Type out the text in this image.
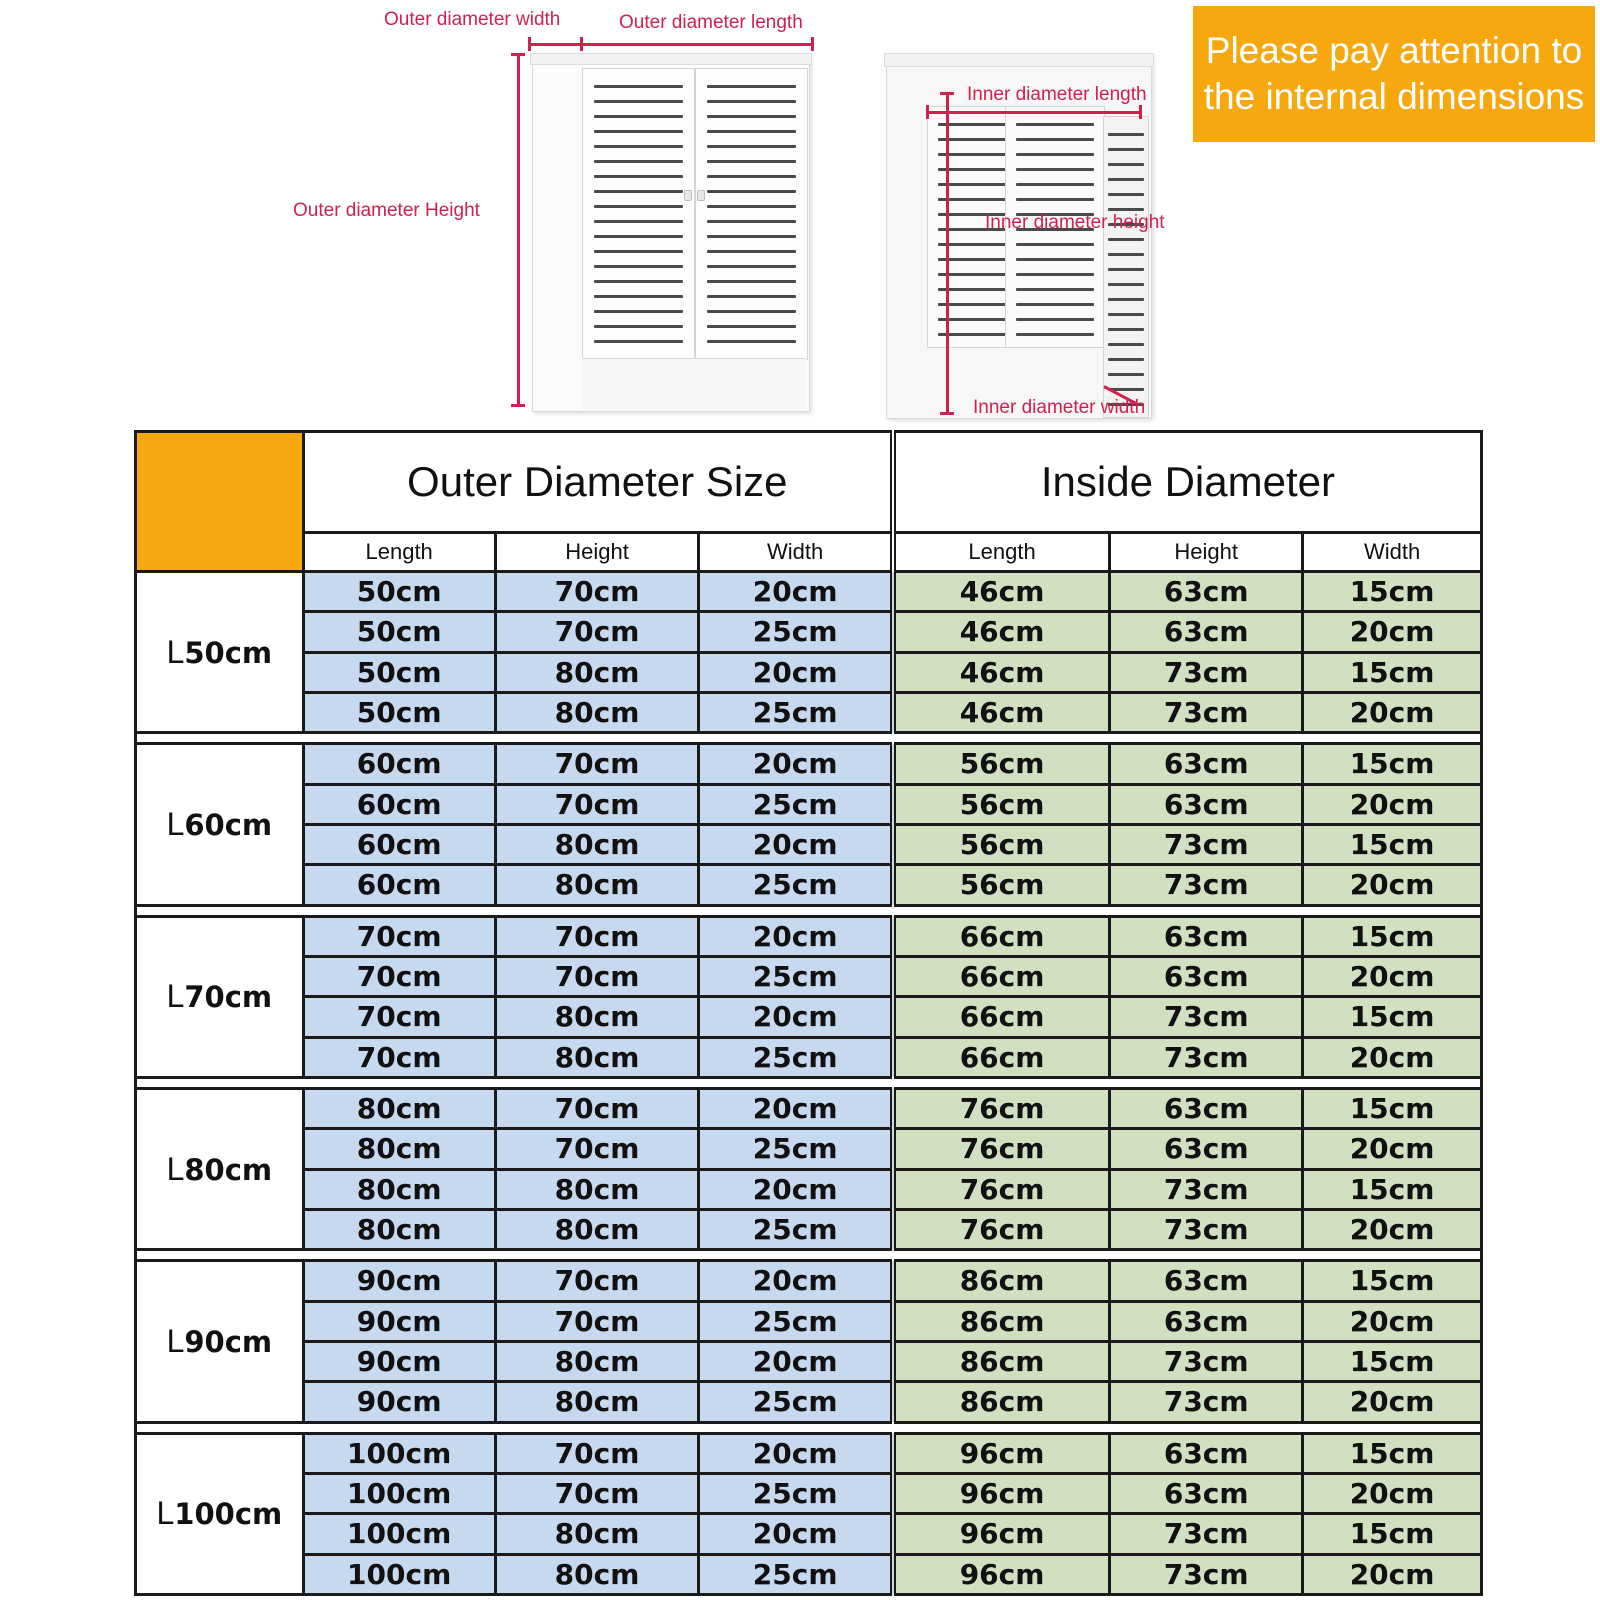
Outer diameter width	Outer diameter length
Outer diameter Height
Inner diameter length
Inner diameter height
Inner diameter width
Please pay attention to
the internal dimensions
	Outer Diameter Size			Inside Diameter		
	Length	Height	Width	Length	Height	Width
L50cm	50cm	70cm	20cm	46cm	63cm	15cm
	50cm	70cm	25cm	46cm	63cm	20cm
	50cm	80cm	20cm	46cm	73cm	15cm
	50cm	80cm	25cm	46cm	73cm	20cm

L60cm	60cm	70cm	20cm	56cm	63cm	15cm
	60cm	70cm	25cm	56cm	63cm	20cm
	60cm	80cm	20cm	56cm	73cm	15cm
	60cm	80cm	25cm	56cm	73cm	20cm

L70cm	70cm	70cm	20cm	66cm	63cm	15cm
	70cm	70cm	25cm	66cm	63cm	20cm
	70cm	80cm	20cm	66cm	73cm	15cm
	70cm	80cm	25cm	66cm	73cm	20cm

L80cm	80cm	70cm	20cm	76cm	63cm	15cm
	80cm	70cm	25cm	76cm	63cm	20cm
	80cm	80cm	20cm	76cm	73cm	15cm
	80cm	80cm	25cm	76cm	73cm	20cm

L90cm	90cm	70cm	20cm	86cm	63cm	15cm
	90cm	70cm	25cm	86cm	63cm	20cm
	90cm	80cm	20cm	86cm	73cm	15cm
	90cm	80cm	25cm	86cm	73cm	20cm

L100cm	100cm	70cm	20cm	96cm	63cm	15cm
	100cm	70cm	25cm	96cm	63cm	20cm
	100cm	80cm	20cm	96cm	73cm	15cm
	100cm	80cm	25cm	96cm	73cm	20cm
